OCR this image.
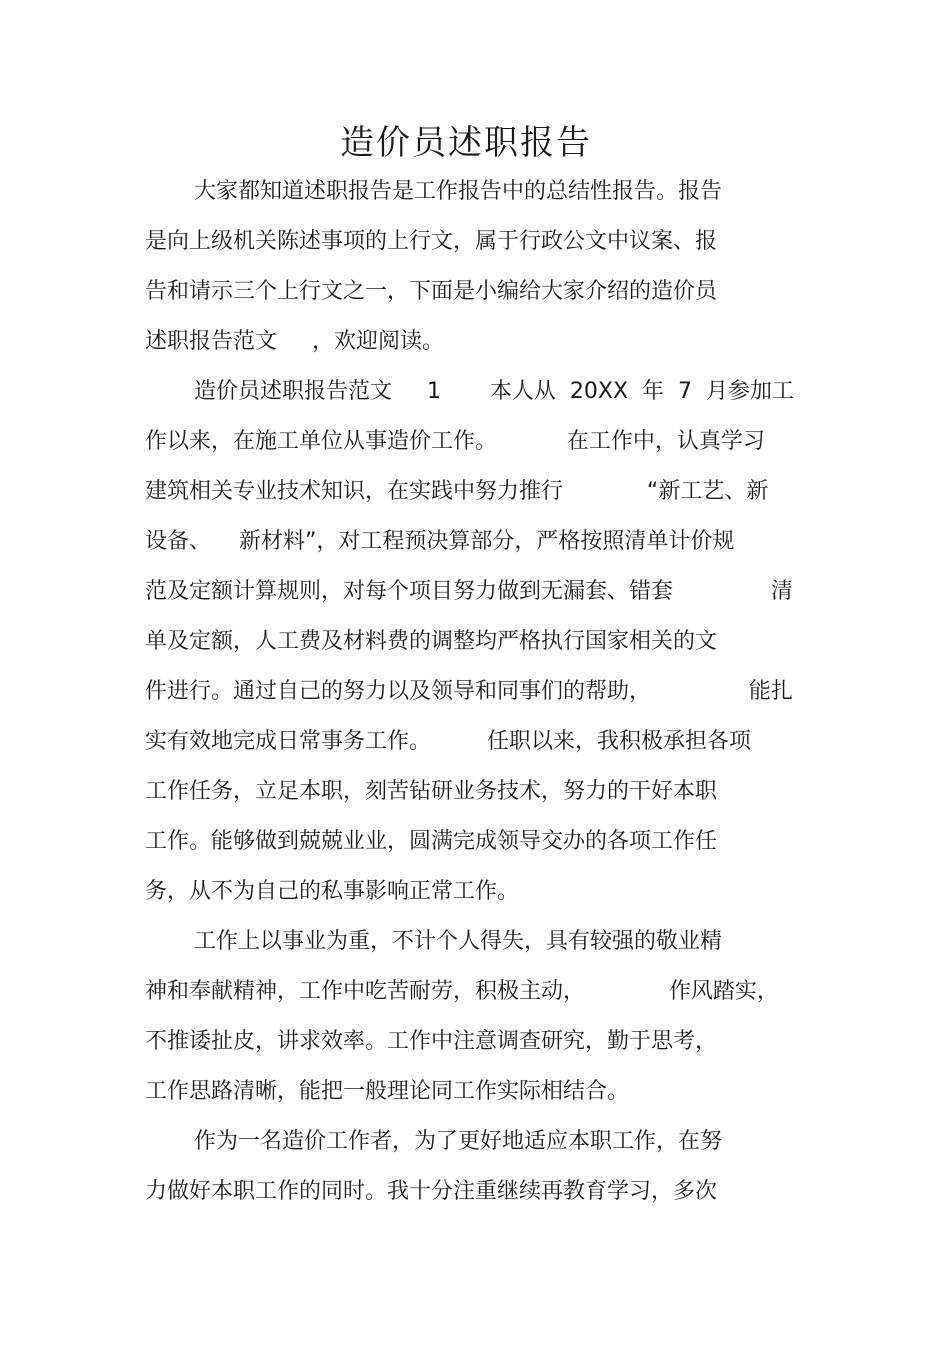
造价员述职报告

大家都知道述职报告是工作报告中的总结性报告。报告

是向上级机关陈述事项的上行文，属于行政公文中议案、报

告和请示三个上行文之一，下面是小编给大家介绍的造价员

述职报告范文     ，欢迎阅读。

造价员述职报告范文     1       本人从  20XX  年  7  月参加工

作以来，在施工单位从事造价工作。          在工作中，认真学习

建筑相关专业技术知识，在实践中努力推行            “新工艺、新

设备、    新材料”，对工程预决算部分，严格按照清单计价规

范及定额计算规则，对每个项目努力做到无漏套、错套              清

单及定额，人工费及材料费的调整均严格执行国家相关的文

件进行。通过自己的努力以及领导和同事们的帮助，              能扎

实有效地完成日常事务工作。        任职以来，我积极承担各项

工作任务，立足本职，刻苦钻研业务技术，努力的干好本职

工作。能够做到兢兢业业，圆满完成领导交办的各项工作任

务，从不为自己的私事影响正常工作。

工作上以事业为重，不计个人得失，具有较强的敬业精

神和奉献精神，工作中吃苦耐劳，积极主动，            作风踏实，

不推诿扯皮，讲求效率。工作中注意调查研究，勤于思考，

工作思路清晰，能把一般理论同工作实际相结合。

作为一名造价工作者，为了更好地适应本职工作，在努

力做好本职工作的同时。我十分注重继续再教育学习，多次
